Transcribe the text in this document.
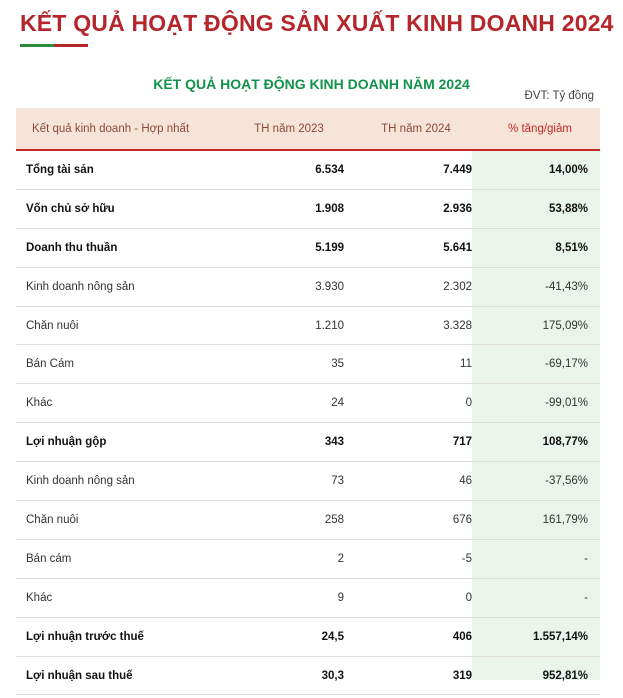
KẾT QUẢ HOẠT ĐỘNG SẢN XUẤT KINH DOANH 2024
KẾT QUẢ HOẠT ĐỘNG KINH DOANH NĂM 2024
ĐVT: Tỷ đồng
Kết quả kinh doanh - Hợp nhất	TH năm 2023	TH năm 2024	% tăng/giảm
Tổng tài sản	6.534	7.449	14,00%
Vốn chủ sở hữu	1.908	2.936	53,88%
Doanh thu thuần	5.199	5.641	8,51%
Kinh doanh nông sản	3.930	2.302	-41,43%
Chăn nuôi	1.210	3.328	175,09%
Bán Cám	35	11	-69,17%
Khác	24	0	-99,01%
Lợi nhuận gộp	343	717	108,77%
Kinh doanh nông sản	73	46	-37,56%
Chăn nuôi	258	676	161,79%
Bán cám	2	-5	-
Khác	9	0	-
Lợi nhuận trước thuế	24,5	406	1.557,14%
Lợi nhuận sau thuế	30,3	319	952,81%
